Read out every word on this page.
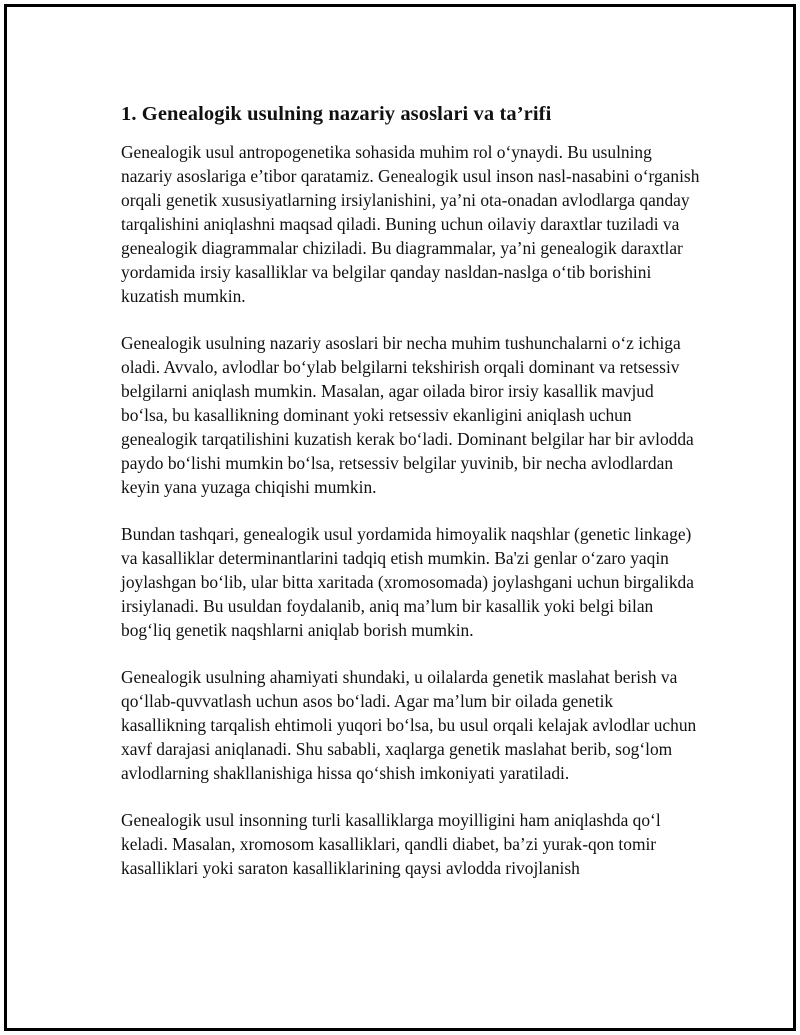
1. Genealogik usulning nazariy asoslari va ta’rifi

Genealogik usul antropogenetika sohasida muhim rol o‘ynaydi. Bu usulning nazariy asoslariga e’tibor qaratamiz. Genealogik usul inson nasl-nasabini o‘rganish orqali genetik xususiyatlarning irsiylanishini, ya’ni ota-onadan avlodlarga qanday tarqalishini aniqlashni maqsad qiladi. Buning uchun oilaviy daraxtlar tuziladi va genealogik diagrammalar chiziladi. Bu diagrammalar, ya’ni genealogik daraxtlar yordamida irsiy kasalliklar va belgilar qanday nasldan-naslga o‘tib borishini kuzatish mumkin.

Genealogik usulning nazariy asoslari bir necha muhim tushunchalarni o‘z ichiga oladi. Avvalo, avlodlar bo‘ylab belgilarni tekshirish orqali dominant va retsessiv belgilarni aniqlash mumkin. Masalan, agar oilada biror irsiy kasallik mavjud bo‘lsa, bu kasallikning dominant yoki retsessiv ekanligini aniqlash uchun genealogik tarqatilishini kuzatish kerak bo‘ladi. Dominant belgilar har bir avlodda paydo bo‘lishi mumkin bo‘lsa, retsessiv belgilar yuvinib, bir necha avlodlardan keyin yana yuzaga chiqishi mumkin.

Bundan tashqari, genealogik usul yordamida himoyalik naqshlar (genetic linkage) va kasalliklar determinantlarini tadqiq etish mumkin. Ba'zi genlar o‘zaro yaqin joylashgan bo‘lib, ular bitta xaritada (xromosomada) joylashgani uchun birgalikda irsiylanadi. Bu usuldan foydalanib, aniq ma’lum bir kasallik yoki belgi bilan bog‘liq genetik naqshlarni aniqlab borish mumkin.

Genealogik usulning ahamiyati shundaki, u oilalarda genetik maslahat berish va qo‘llab-quvvatlash uchun asos bo‘ladi. Agar ma’lum bir oilada genetik kasallikning tarqalish ehtimoli yuqori bo‘lsa, bu usul orqali kelajak avlodlar uchun xavf darajasi aniqlanadi. Shu sababli, xaqlarga genetik maslahat berib, sog‘lom avlodlarning shakllanishiga hissa qo‘shish imkoniyati yaratiladi.

Genealogik usul insonning turli kasalliklarga moyilligini ham aniqlashda qo‘l keladi. Masalan, xromosom kasalliklari, qandli diabet, ba’zi yurak-qon tomir kasalliklari yoki saraton kasalliklarining qaysi avlodda rivojlanish
